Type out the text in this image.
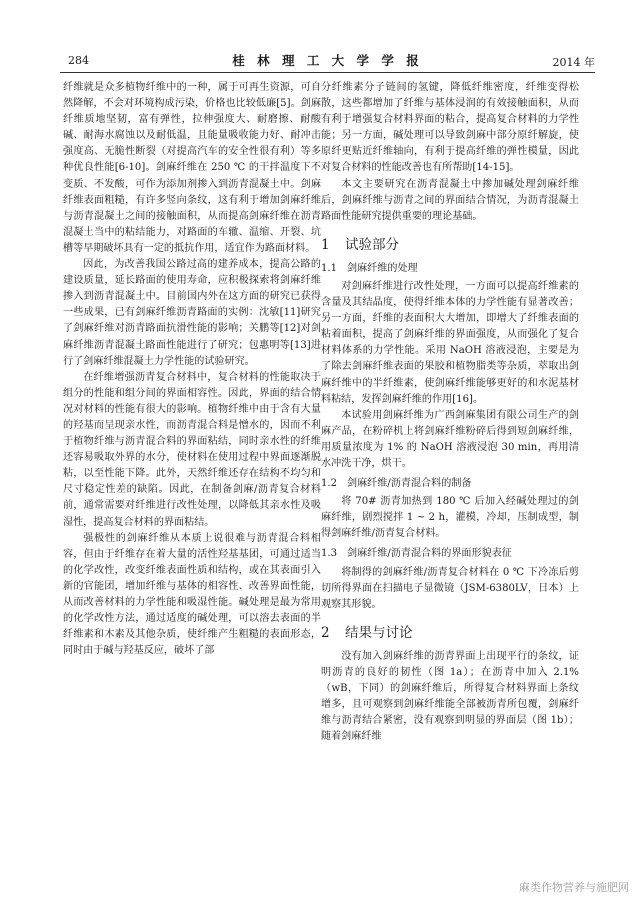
284	桂 林 理 工 大 学 学 报	2014 年

纤维就是众多植物纤维中的一种，属于可再生资源，可自然降解，不会对环境构成污染，价格也比较低廉[5]。剑麻纤维质地坚韧，富有弹性，拉伸强度大、耐磨擦、耐酸碱、耐海水腐蚀以及耐低温，且能量吸收能力好、耐冲击强度高、无脆性断裂（对提高汽车的安全性很有利）等多种优良性能[6-10]。剑麻纤维在 250 ℃ 的干拌温度下不变质、不发酸，可作为添加剂掺入到沥青混凝土中。剑麻纤维表面粗糙，有许多竖向条纹，这有利于增加剑麻纤维与沥青混凝土之间的接触面积，从而提高剑麻纤维在沥青混凝土当中的粘结能力，对路面的车辙、温缩、开裂、坑槽等早期破坏具有一定的抵抗作用，适宜作为路面材料。

因此，为改善我国公路过高的建养成本，提高公路的建设质量，延长路面的使用寿命，应积极探索将剑麻纤维掺入到沥青混凝土中。目前国内外在这方面的研究已获得一些成果，已有剑麻纤维沥青路面的实例：沈敏[11]研究了剑麻纤维对沥青路面抗滑性能的影响；关鹏等[12]对剑麻纤维沥青混凝土路面性能进行了研究；包惠明等[13]进行了剑麻纤维混凝土力学性能的试验研究。

在纤维增强沥青复合材料中，复合材料的性能取决于组分的性能和组分间的界面相容性。因此，界面的结合情况对材料的性能有很大的影响。植物纤维中由于含有大量的羟基而呈现亲水性，而沥青混合料是憎水的，因而不利于植物纤维与沥青混合料的界面粘结，同时亲水性的纤维还容易吸取外界的水分，使材料在使用过程中界面逐渐脱粘，以至性能下降。此外，天然纤维还存在结构不均匀和尺寸稳定性差的缺陷。因此，在制备剑麻/沥青复合材料前，通常需要对纤维进行改性处理，以降低其亲水性及吸湿性，提高复合材料的界面粘结。

强极性的剑麻纤维从本质上说很难与沥青混合料相容，但由于纤维存在着大量的活性羟基基团，可通过适当的化学改性，改变纤维表面性质和结构，或在其表面引入新的官能团，增加纤维与基体的相容性、改善界面性能，从而改善材料的力学性能和吸湿性能。碱处理是最为常用的化学改性方法，通过适度的碱处理，可以溶去表面的半纤维素和木素及其他杂质，使纤维产生粗糙的表面形态，同时由于碱与羟基反应，破坏了部

分纤维素分子链间的氢键，降低纤维密度，纤维变得松散，这些都增加了纤维与基体浸润的有效接触面积，从而有利于增强复合材料界面的粘合，提高复合材料的力学性能；另一方面，碱处理可以导致剑麻中部分原纤解旋，使原纤更贴近纤维轴向，有利于提高纤维的弹性模量，因此对复合材料的性能改善也有所帮助[14-15]。

本文主要研究在沥青混凝土中掺加碱处理剑麻纤维后，剑麻纤维与沥青之间的界面结合情况，为沥青混凝土路面性能研究提供重要的理论基础。

1 试验部分
1.1 剑麻纤维的处理

对剑麻纤维进行改性处理，一方面可以提高纤维素的含量及其结晶度，使得纤维本体的力学性能有显著改善；另一方面，纤维的表面积大大增加，即增大了纤维表面的粘着面积，提高了剑麻纤维的界面强度，从而强化了复合材料体系的力学性能。采用 NaOH 溶液浸泡，主要是为了除去剑麻纤维表面的果胶和植物脂类等杂质，萃取出剑麻纤维中的半纤维素，使剑麻纤维能够更好的和水泥基材料粘结，发挥剑麻纤维的作用[16]。

本试验用剑麻纤维为广西剑麻集团有限公司生产的剑麻产品，在粉碎机上将剑麻纤维粉碎后得到短剑麻纤维，用质量浓度为 1% 的 NaOH 溶液浸泡 30 min，再用清水冲洗干净，烘干。

1.2 剑麻纤维/沥青混合料的制备

将 70# 沥青加热到 180 ℃ 后加入经碱处理过的剑麻纤维，剧烈搅拌 1 ~ 2 h，灌模，冷却，压制成型，制得剑麻纤维/沥青复合材料。

1.3 剑麻纤维/沥青混合料的界面形貌表征

将制得的剑麻纤维/沥青复合材料在 0 ℃ 下冷冻后剪切所得界面在扫描电子显微镜（JSM-6380LV，日本）上观察其形貌。

2 结果与讨论

没有加入剑麻纤维的沥青界面上出现平行的条纹，证明沥青的良好的韧性（图 1a）；在沥青中加入 2.1%（wB，下同）的剑麻纤维后，所得复合材料界面上条纹增多，且可观察到剑麻纤维能全部被沥青所包覆，剑麻纤维与沥青结合紧密，没有观察到明显的界面层（图 1b）；随着剑麻纤维

麻类作物营养与施肥网
